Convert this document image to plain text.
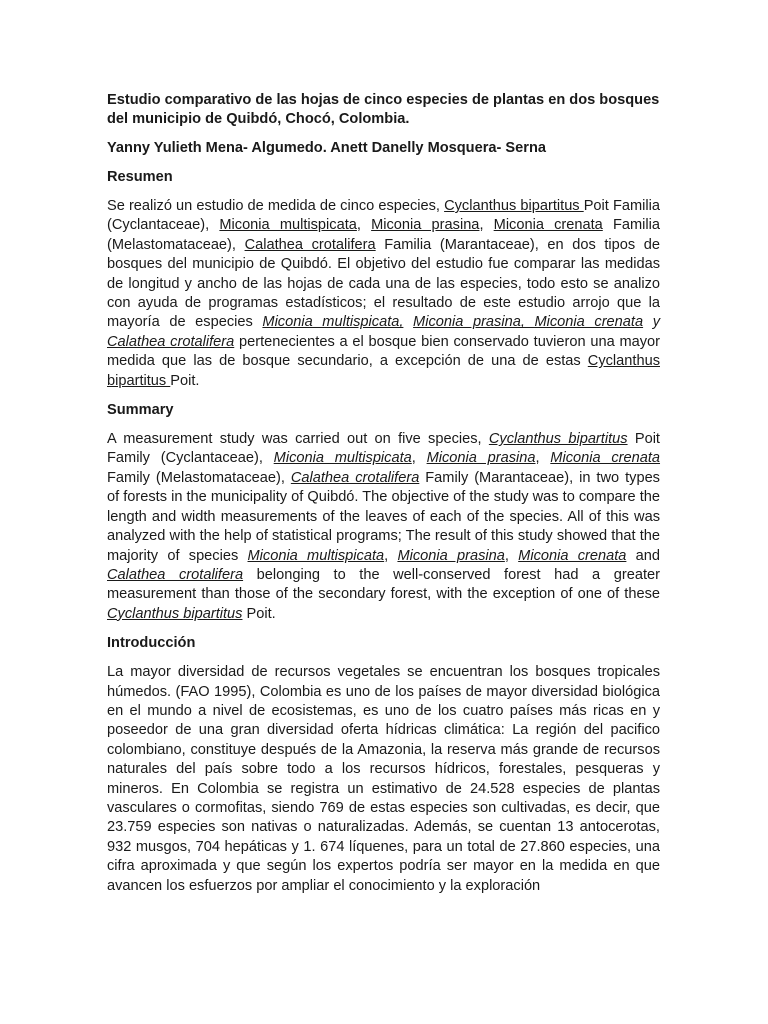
Estudio comparativo de las hojas de cinco especies de plantas en dos bosques del municipio de Quibdó, Chocó, Colombia.

Yanny Yulieth Mena- Algumedo. Anett Danelly Mosquera- Serna

Resumen

Se realizó un estudio de medida de cinco especies, Cyclanthus bipartitus Poit Familia (Cyclantaceae), Miconia multispicata, Miconia prasina, Miconia crenata Familia (Melastomataceae), Calathea crotalifera Familia (Marantaceae), en dos tipos de bosques del municipio de Quibdó. El objetivo del estudio fue comparar las medidas de longitud y ancho de las hojas de cada una de las especies, todo esto se analizo con ayuda de programas estadísticos; el resultado de este estudio arrojo que la mayoría de especies Miconia multispicata, Miconia prasina, Miconia crenata y Calathea crotalifera pertenecientes a el bosque bien conservado tuvieron una mayor medida que las de bosque secundario, a excepción de una de estas Cyclanthus bipartitus Poit.

Summary

A measurement study was carried out on five species, Cyclanthus bipartitus Poit Family (Cyclantaceae), Miconia multispicata, Miconia prasina, Miconia crenata Family (Melastomataceae), Calathea crotalifera Family (Marantaceae), in two types of forests in the municipality of Quibdó. The objective of the study was to compare the length and width measurements of the leaves of each of the species. All of this was analyzed with the help of statistical programs; The result of this study showed that the majority of species Miconia multispicata, Miconia prasina, Miconia crenata and Calathea crotalifera belonging to the well-conserved forest had a greater measurement than those of the secondary forest, with the exception of one of these Cyclanthus bipartitus Poit.

Introducción

La mayor diversidad de recursos vegetales se encuentran los bosques tropicales húmedos. (FAO 1995), Colombia es uno de los países de mayor diversidad biológica en el mundo a nivel de ecosistemas, es uno de los cuatro países más ricas en y poseedor de una gran diversidad oferta hídricas climática: La región del pacifico colombiano, constituye después de la Amazonia, la reserva más grande de recursos naturales del país sobre todo a los recursos hídricos, forestales, pesqueras y mineros. En Colombia se registra un estimativo de 24.528 especies de plantas vasculares o cormofitas, siendo 769 de estas especies son cultivadas, es decir, que 23.759 especies son nativas o naturalizadas. Además, se cuentan 13 antocerotas, 932 musgos, 704 hepáticas y 1. 674 líquenes, para un total de 27.860 especies, una cifra aproximada y que según los expertos podría ser mayor en la medida en que avancen los esfuerzos por ampliar el conocimiento y la exploración
